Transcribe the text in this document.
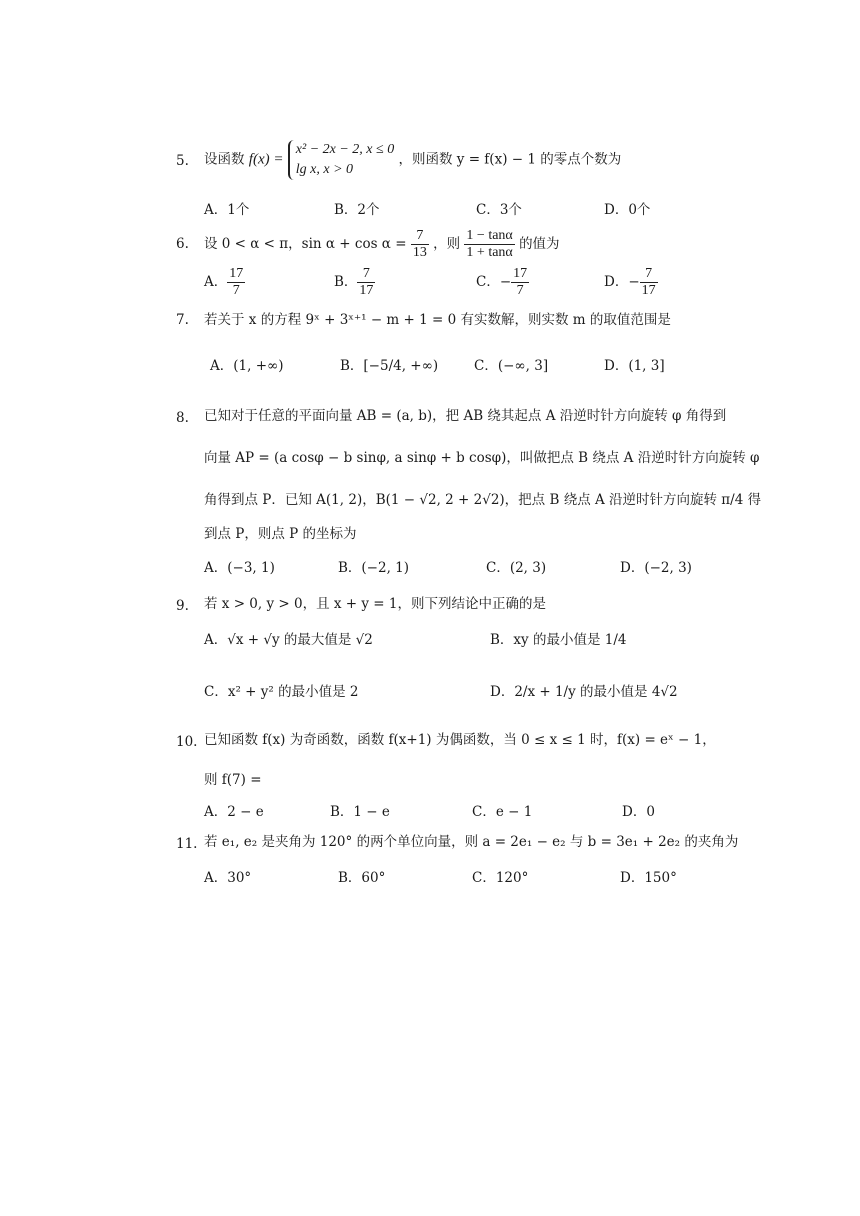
5. 设函数 f(x) =
x² − 2x − 2, x ≤ 0
lg x, x > 0
，则函数 y = f(x) − 1 的零点个数为
A．1个	B．2个	C．3个	D．0个
6. 设 0 < α < π，$\sin \alpha + \cos \alpha = \frac{7}{13}$ ，则 $\frac{1 - \tan\alpha}{1 + \tan\alpha}$ 的值为
A． $\frac{17}{7}$	B． $\frac{7}{17}$	C．− $\frac{17}{7}$	D．− $\frac{7}{17}$
7. 若关于 x 的方程 9ˣ + 3ˣ⁺¹ − m + 1 = 0 有实数解，则实数 m 的取值范围是
A．(1, +∞)	B．[−5/4, +∞)	C．(−∞, 3]	D．(1, 3]
8. 已知对于任意的平面向量 AB = (a, b)，把 AB 绕其起点 A 沿逆时针方向旋转 φ 角得到
向量 AP = (a cosφ − b sinφ, a sinφ + b cosφ)，叫做把点 B 绕点 A 沿逆时针方向旋转 φ
角得到点 P．已知 A(1, 2)，B(1 − √2, 2 + 2√2)，把点 B 绕点 A 沿逆时针方向旋转 π/4 得
到点 P，则点 P 的坐标为
A．(−3, 1)	B．(−2, 1)	C．(2, 3)	D．(−2, 3)
9. 若 x > 0, y > 0，且 x + y = 1，则下列结论中正确的是
A．√x + √y 的最大值是 √2	B．xy 的最小值是 1/4
C．x² + y² 的最小值是 2	D．2/x + 1/y 的最小值是 4√2
10. 已知函数 f(x) 为奇函数，函数 f(x+1) 为偶函数，当 0 ≤ x ≤ 1 时，f(x) = eˣ − 1，
则 f(7) =
A．2 − e	B．1 − e	C．e − 1	D．0
11. 若 e₁, e₂ 是夹角为 120° 的两个单位向量，则 a = 2e₁ − e₂ 与 b = 3e₁ + 2e₂ 的夹角为
A．30°	B．60°	C．120°	D．150°
